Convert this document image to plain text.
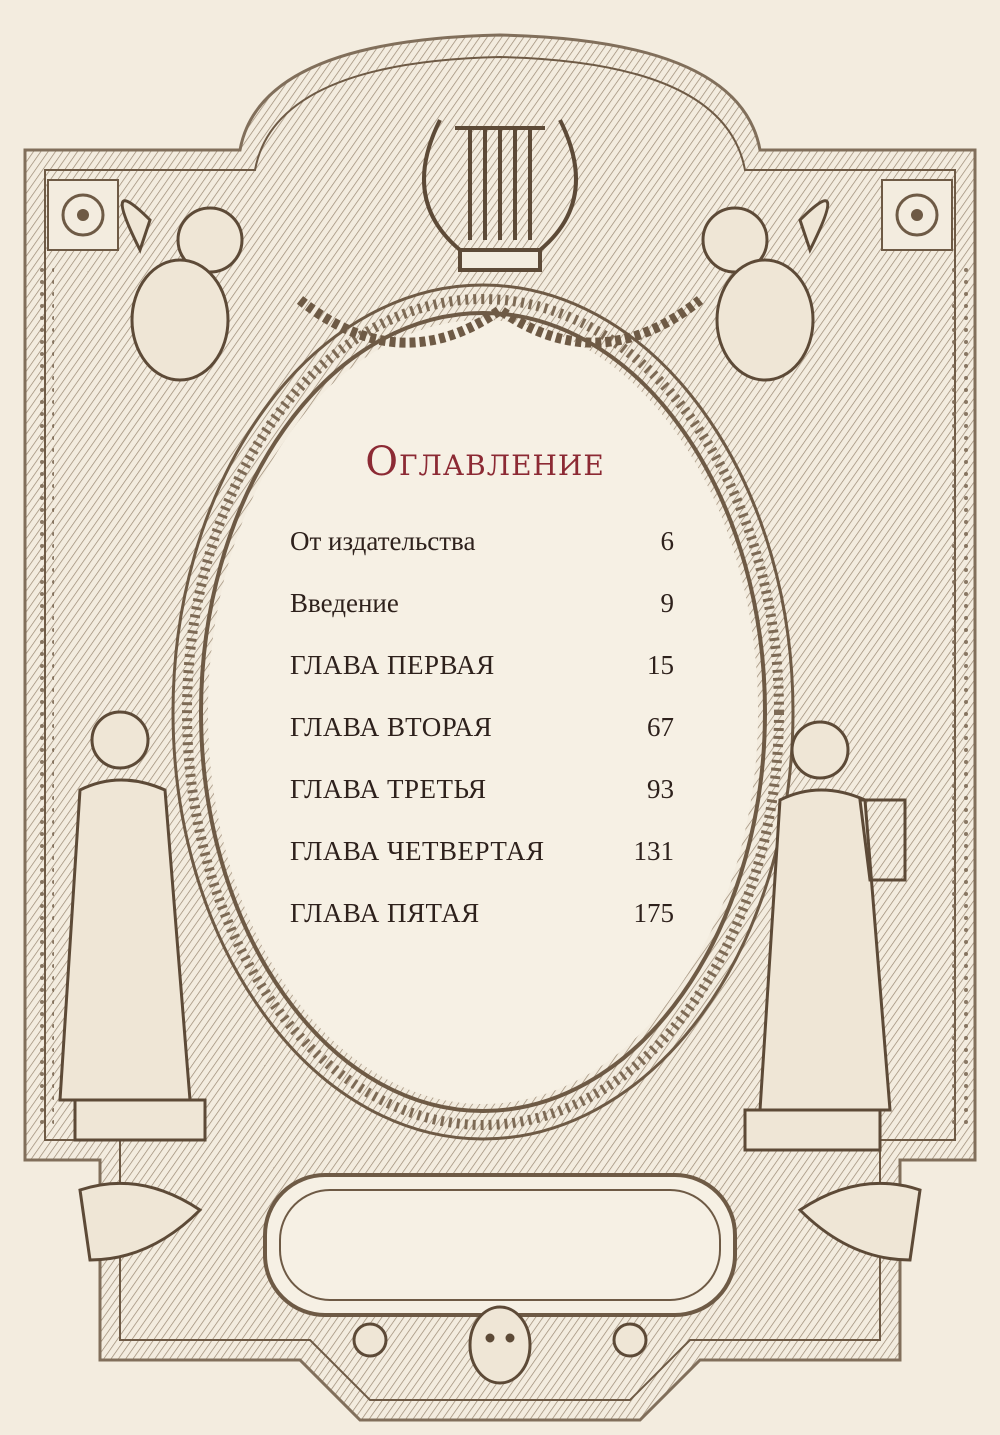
Оглавление
От издательства	6
Введение	9
ГЛАВА ПЕРВАЯ	15
ГЛАВА ВТОРАЯ	67
ГЛАВА ТРЕТЬЯ	93
ГЛАВА ЧЕТВЕРТАЯ	131
ГЛАВА ПЯТАЯ	175
